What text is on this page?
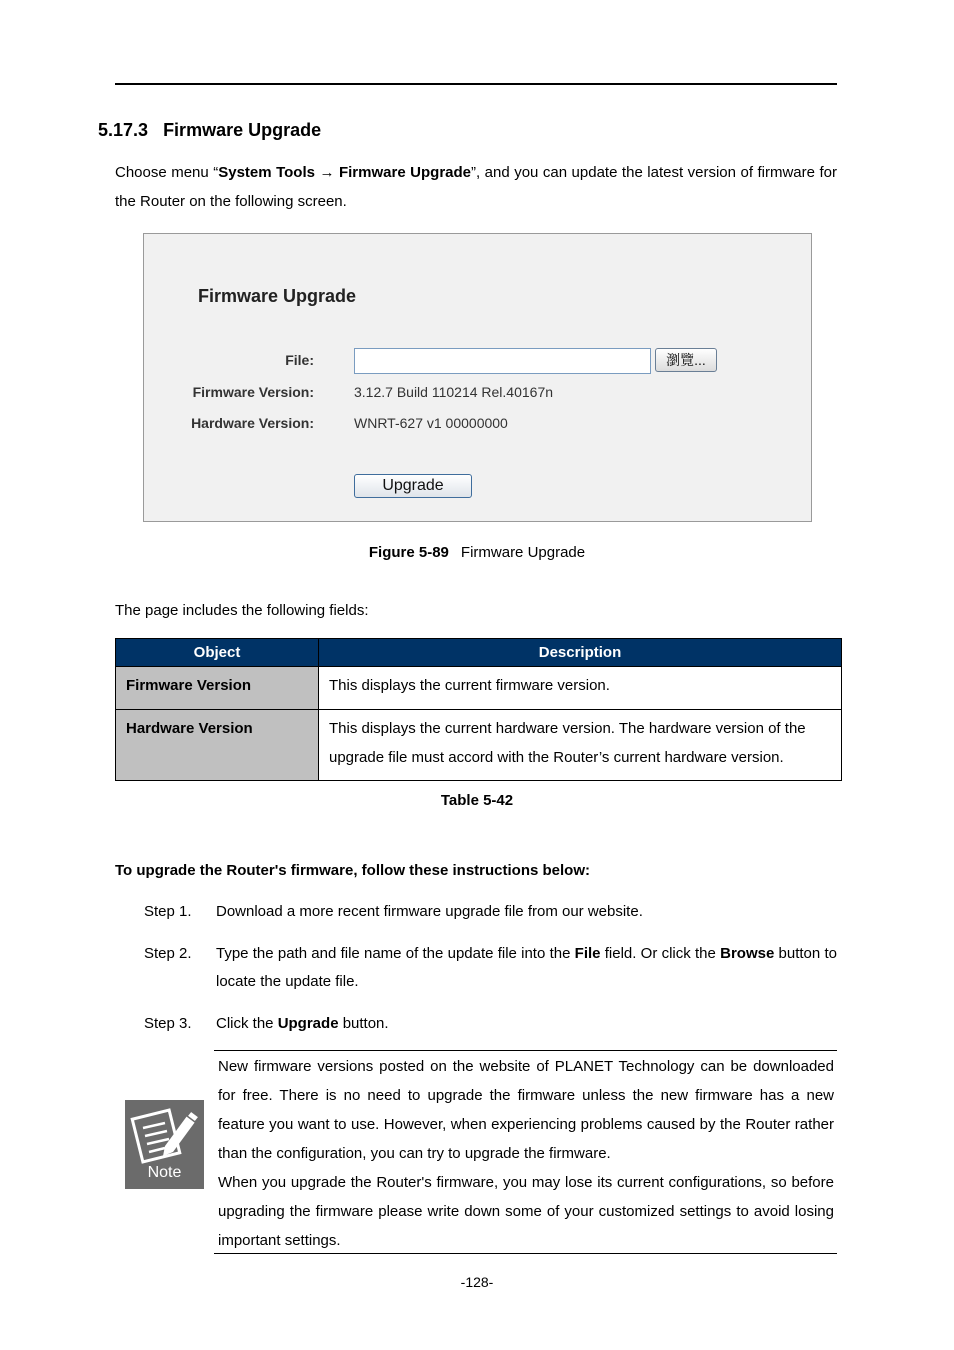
5.17.3 Firmware Upgrade
Choose menu “System Tools → Firmware Upgrade”, and you can update the latest version of firmware for the Router on the following screen.
Firmware Upgrade
File:	瀏覽...
Firmware Version:	3.12.7 Build 110214 Rel.40167n
Hardware Version:	WNRT-627 v1 00000000
Upgrade
Figure 5-89 Firmware Upgrade
The page includes the following fields:
Object	Description
Firmware Version	This displays the current firmware version.
Hardware Version	This displays the current hardware version. The hardware version of the upgrade file must accord with the Router’s current hardware version.
Table 5-42
To upgrade the Router's firmware, follow these instructions below:
Step 1.	Download a more recent firmware upgrade file from our website.
Step 2.	Type the path and file name of the update file into the File field. Or click the Browse button to locate the update file.
Step 3.	Click the Upgrade button.
Note

New firmware versions posted on the website of PLANET Technology can be downloaded for free. There is no need to upgrade the firmware unless the new firmware has a new feature you want to use. However, when experiencing problems caused by the Router rather than the configuration, you can try to upgrade the firmware.

When you upgrade the Router's firmware, you may lose its current configurations, so before upgrading the firmware please write down some of your customized settings to avoid losing important settings.

-128-
